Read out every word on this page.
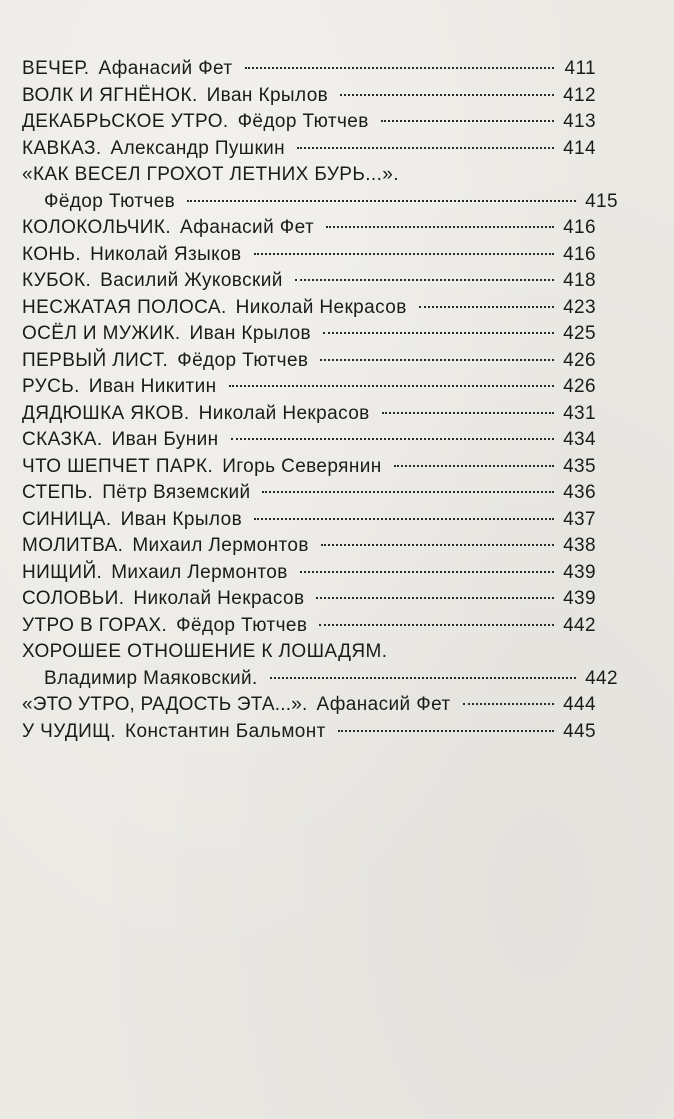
ВЕЧЕР. Афанасий Фет	411
ВОЛК И ЯГНЁНОК. Иван Крылов	412
ДЕКАБРЬСКОЕ УТРО. Фёдор Тютчев	413
КАВКАЗ. Александр Пушкин	414
«КАК ВЕСЕЛ ГРОХОТ ЛЕТНИХ БУРЬ...».
Фёдор Тютчев	415
КОЛОКОЛЬЧИК. Афанасий Фет	416
КОНЬ. Николай Языков	416
КУБОК. Василий Жуковский	418
НЕСЖАТАЯ ПОЛОСА. Николай Некрасов	423
ОСЁЛ И МУЖИК. Иван Крылов	425
ПЕРВЫЙ ЛИСТ. Фёдор Тютчев	426
РУСЬ. Иван Никитин	426
ДЯДЮШКА ЯКОВ. Николай Некрасов	431
СКАЗКА. Иван Бунин	434
ЧТО ШЕПЧЕТ ПАРК. Игорь Северянин	435
СТЕПЬ. Пётр Вяземский	436
СИНИЦА. Иван Крылов	437
МОЛИТВА. Михаил Лермонтов	438
НИЩИЙ. Михаил Лермонтов	439
СОЛОВЬИ. Николай Некрасов	439
УТРО В ГОРАХ. Фёдор Тютчев	442
ХОРОШЕЕ ОТНОШЕНИЕ К ЛОШАДЯМ.
Владимир Маяковский.	442
«ЭТО УТРО, РАДОСТЬ ЭТА...». Афанасий Фет	444
У ЧУДИЩ. Константин Бальмонт	445
